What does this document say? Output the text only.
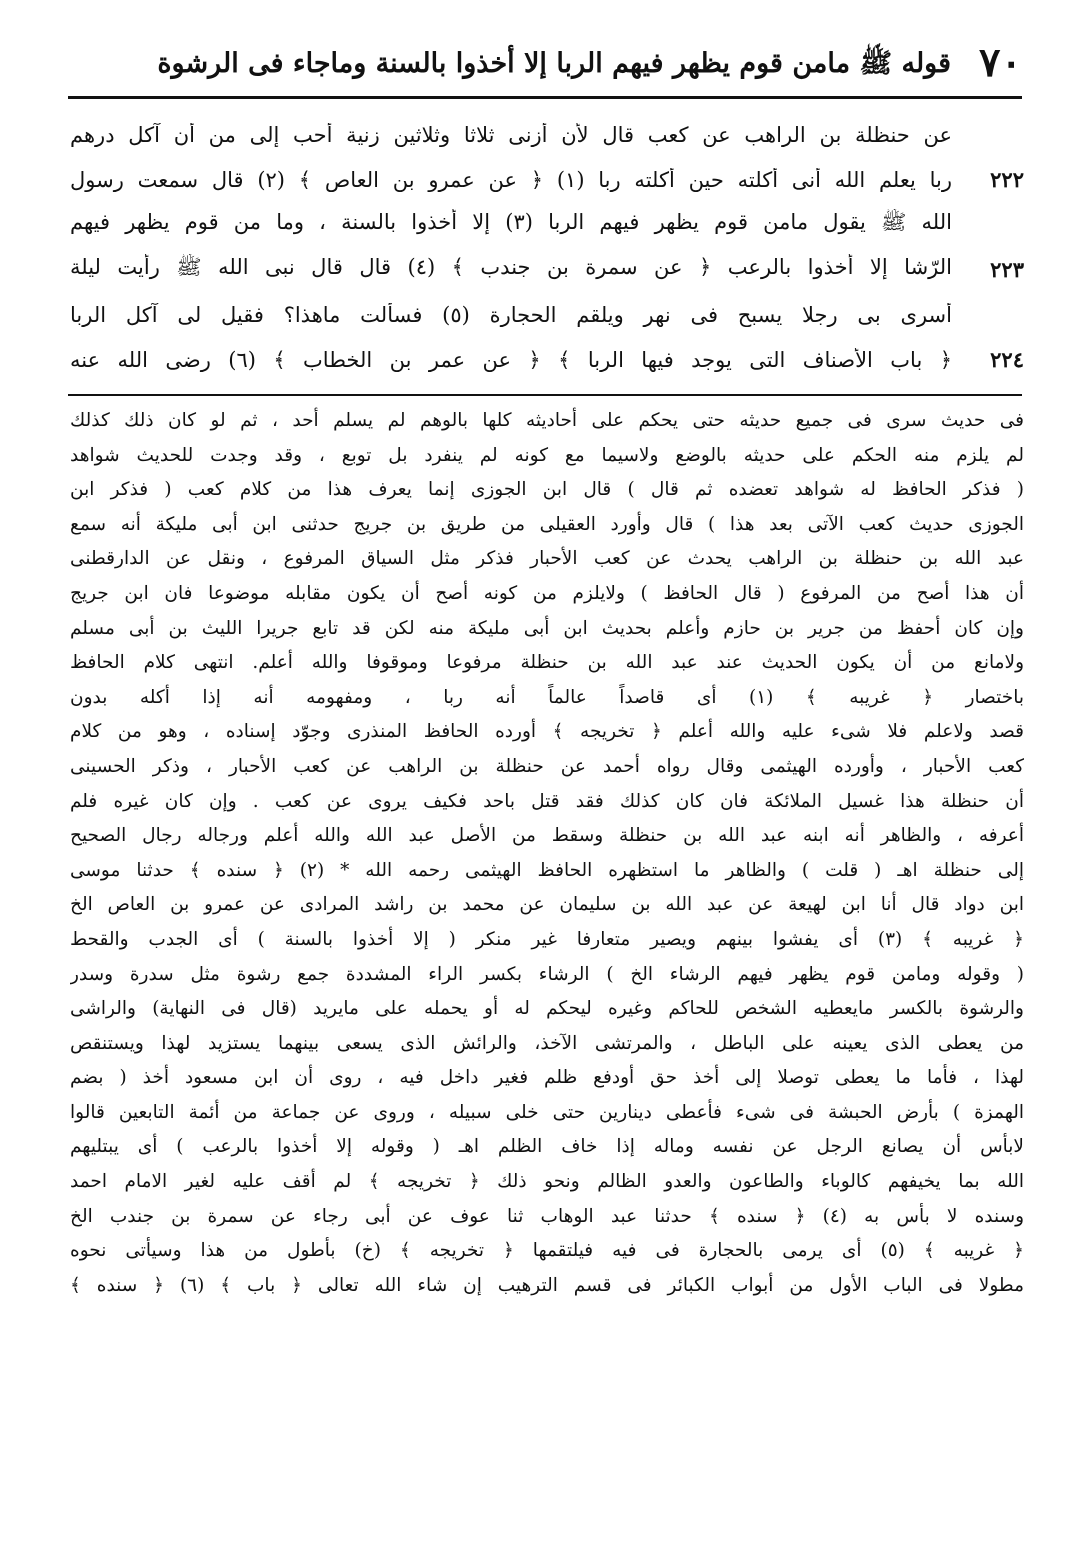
٧٠
قوله ﷺ مامن قوم يظهر فيهم الربا إلا أخذوا بالسنة وماجاء فى الرشوة
عن حنظلة بن الراهب عن كعب قال لأن أزنى ثلاثا وثلاثين زنية أحب إلى من أن آكل درهم
٢٢٢
ربا يعلم الله أنى أكلته حين أكلته ربا (١) ﴿ عن عمرو بن العاص ﴾ (٢) قال سمعت رسول
الله ﷺ يقول مامن قوم يظهر فيهم الربا (٣) إلا أخذوا بالسنة ، وما من قوم يظهر فيهم
٢٢٣
الرّشا إلا أخذوا بالرعب ﴿ عن سمرة بن جندب ﴾ (٤) قال قال نبى الله ﷺ رأيت ليلة
أسرى بى رجلا يسبح فى نهر ويلقم الحجارة (٥) فسألت ماهذا؟ فقيل لى آكل الربا
٢٢٤
﴿ باب الأصناف التى يوجد فيها الربا ﴾ ﴿ عن عمر بن الخطاب ﴾ (٦) رضى الله عنه
فى حديث سرى فى جميع حديثه حتى يحكم على أحاديثه كلها بالوهم لم يسلم أحد ، ثم لو كان ذلك كذلك
لم يلزم منه الحكم على حديثه بالوضع ولاسيما مع كونه لم ينفرد بل توبع ، وقد وجدت للحديث شواهد
( فذكر الحافظ له شواهد تعضده ثم قال ) قال ابن الجوزى إنما يعرف هذا من كلام كعب ( فذكر ابن
الجوزى حديث كعب الآتى بعد هذا ) قال وأورد العقيلى من طريق بن جريج حدثنى ابن أبى مليكة أنه سمع
عبد الله بن حنظلة بن الراهب يحدث عن كعب الأحبار فذكر مثل السياق المرفوع ، ونقل عن الدارقطنى
أن هذا أصح من المرفوع ( قال الحافظ ) ولايلزم من كونه أصح أن يكون مقابله موضوعا فان ابن جريج
وإن كان أحفظ من جرير بن حازم وأعلم بحديث ابن أبى مليكة منه لكن قد تابع جريرا الليث بن أبى مسلم
ولامانع من أن يكون الحديث عند عبد الله بن حنظلة مرفوعا وموقوفا والله أعلم. انتهى كلام الحافظ
باختصار ﴿ غريبه ﴾ (١) أى قاصداً عالماً أنه ربا ، ومفهومه أنه إذا أكله بدون
قصد ولاعلم فلا شىء عليه والله أعلم ﴿ تخريجه ﴾ أورده الحافظ المنذرى وجوّد إسناده ، وهو من كلام
كعب الأحبار ، وأورده الهيثمى وقال رواه أحمد عن حنظلة بن الراهب عن كعب الأحبار ، وذكر الحسينى
أن حنظلة هذا غسيل الملائكة فان كان كذلك فقد قتل باحد فكيف يروى عن كعب . وإن كان غيره فلم
أعرفه ، والظاهر أنه ابنه عبد الله بن حنظلة وسقط من الأصل عبد الله والله أعلم ورجاله رجال الصحيح
إلى حنظلة اهـ ( قلت ) والظاهر ما استظهره الحافظ الهيثمى رحمه الله * (٢) ﴿ سنده ﴾ حدثنا موسى
ابن دواد قال أنا ابن لهيعة عن عبد الله بن سليمان عن محمد بن راشد المرادى عن عمرو بن العاص الخ
﴿ غريبه ﴾ (٣) أى يفشوا بينهم ويصير متعارفا غير منكر ( إلا أخذوا بالسنة ) أى الجدب والقحط
( وقوله ومامن قوم يظهر فيهم الرشاء الخ ) الرشاء بكسر الراء المشددة جمع رشوة مثل سدرة وسدر
والرشوة بالكسر مايعطيه الشخص للحاكم وغيره ليحكم له أو يحمله على مايريد (قال فى النهاية) والراشى
من يعطى الذى يعينه على الباطل ، والمرتشى الآخذ، والرائش الذى يسعى بينهما يستزيد لهذا ويستنقص
لهذا ، فأما ما يعطى توصلا إلى أخذ حق أودفع ظلم فغير داخل فيه ، روى أن ابن مسعود أخذ ( بضم
الهمزة ) بأرض الحبشة فى شىء فأعطى دينارين حتى خلى سبيله ، وروى عن جماعة من أئمة التابعين قالوا
لابأس أن يصانع الرجل عن نفسه وماله إذا خاف الظلم اهـ ( وقوله إلا أخذوا بالرعب ) أى يبتليهم
الله بما يخيفهم كالوباء والطاعون والعدو الظالم ونحو ذلك ﴿ تخريجه ﴾ لم أقف عليه لغير الامام احمد
وسنده لا بأس به (٤) ﴿ سنده ﴾ حدثنا عبد الوهاب ثنا عوف عن أبى رجاء عن سمرة بن جندب الخ
﴿ غريبه ﴾ (٥) أى يرمى بالحجارة فى فيه فيلتقمها ﴿ تخريجه ﴾ (خ) بأطول من هذا وسيأتى نحوه
مطولا فى الباب الأول من أبواب الكبائر فى قسم الترهيب إن شاء الله تعالى ﴿ باب ﴾ (٦) ﴿ سنده ﴾
